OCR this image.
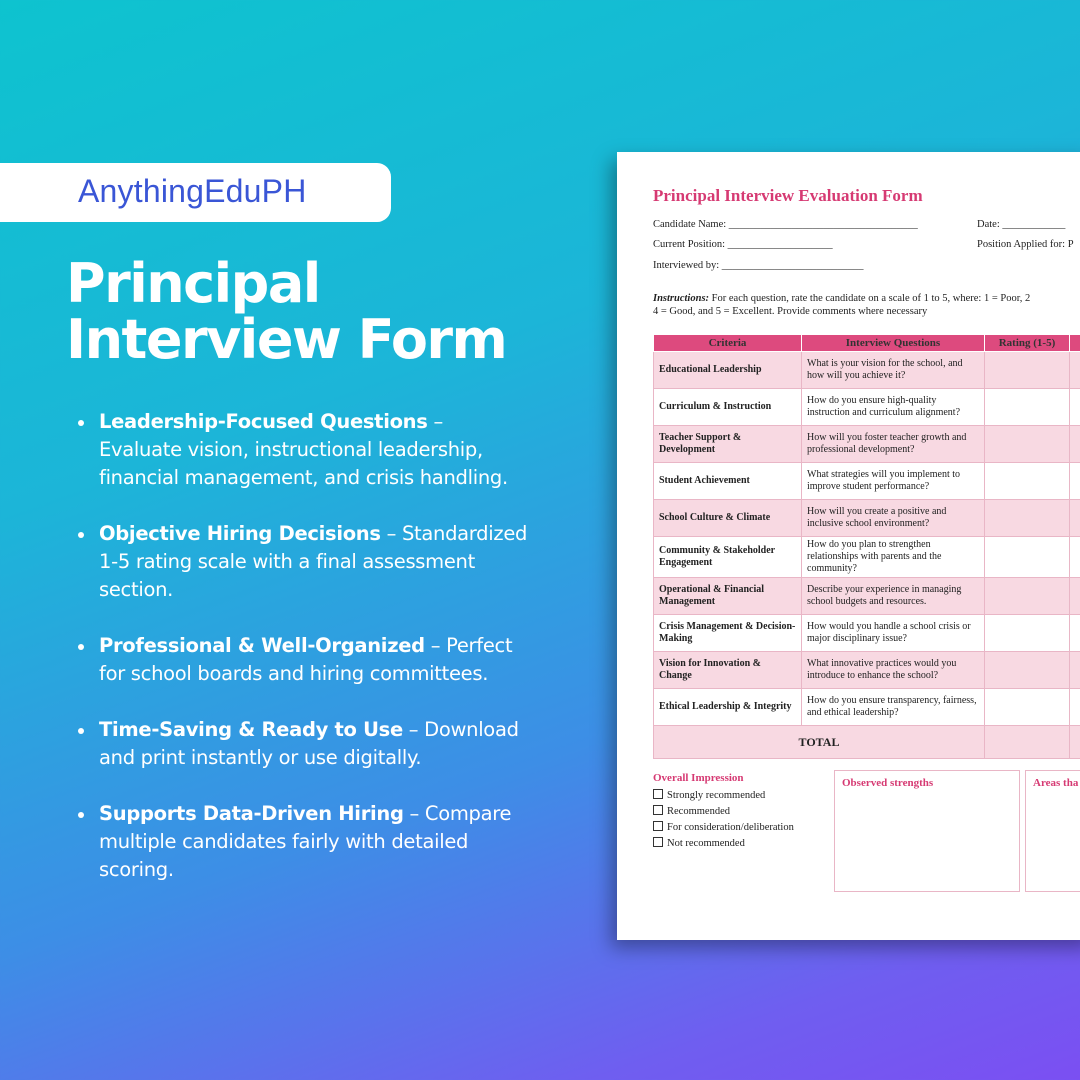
AnythingEduPH
Principal Interview Form
Leadership-Focused Questions – Evaluate vision, instructional leadership, financial management, and crisis handling.
Objective Hiring Decisions – Standardized 1-5 rating scale with a final assessment section.
Professional & Well-Organized – Perfect for school boards and hiring committees.
Time-Saving & Ready to Use – Download and print instantly or use digitally.
Supports Data-Driven Hiring – Compare multiple candidates fairly with detailed scoring.
Principal Interview Evaluation Form
Candidate Name: ____________________________________	Date: ____________
Current Position: ____________________	Position Applied for: P
Interviewed by: ___________________________
Instructions: For each question, rate the candidate on a scale of 1 to 5, where: 1 = Poor, 2
4 = Good, and 5 = Excellent. Provide comments where necessary
Criteria	Interview Questions	Rating (1-5)	
Educational Leadership	What is your vision for the school, and how will you achieve it?		
Curriculum & Instruction	How do you ensure high-quality instruction and curriculum alignment?		
Teacher Support & Development	How will you foster teacher growth and professional development?		
Student Achievement	What strategies will you implement to improve student performance?		
School Culture & Climate	How will you create a positive and inclusive school environment?		
Community & Stakeholder Engagement	How do you plan to strengthen relationships with parents and the community?		
Operational & Financial Management	Describe your experience in managing school budgets and resources.		
Crisis Management & Decision-Making	How would you handle a school crisis or major disciplinary issue?		
Vision for Innovation & Change	What innovative practices would you introduce to enhance the school?		
Ethical Leadership & Integrity	How do you ensure transparency, fairness, and ethical leadership?		
TOTAL			
Overall Impression
Strongly recommended
Recommended
For consideration/deliberation
Not recommended
Observed strengths	Areas tha
